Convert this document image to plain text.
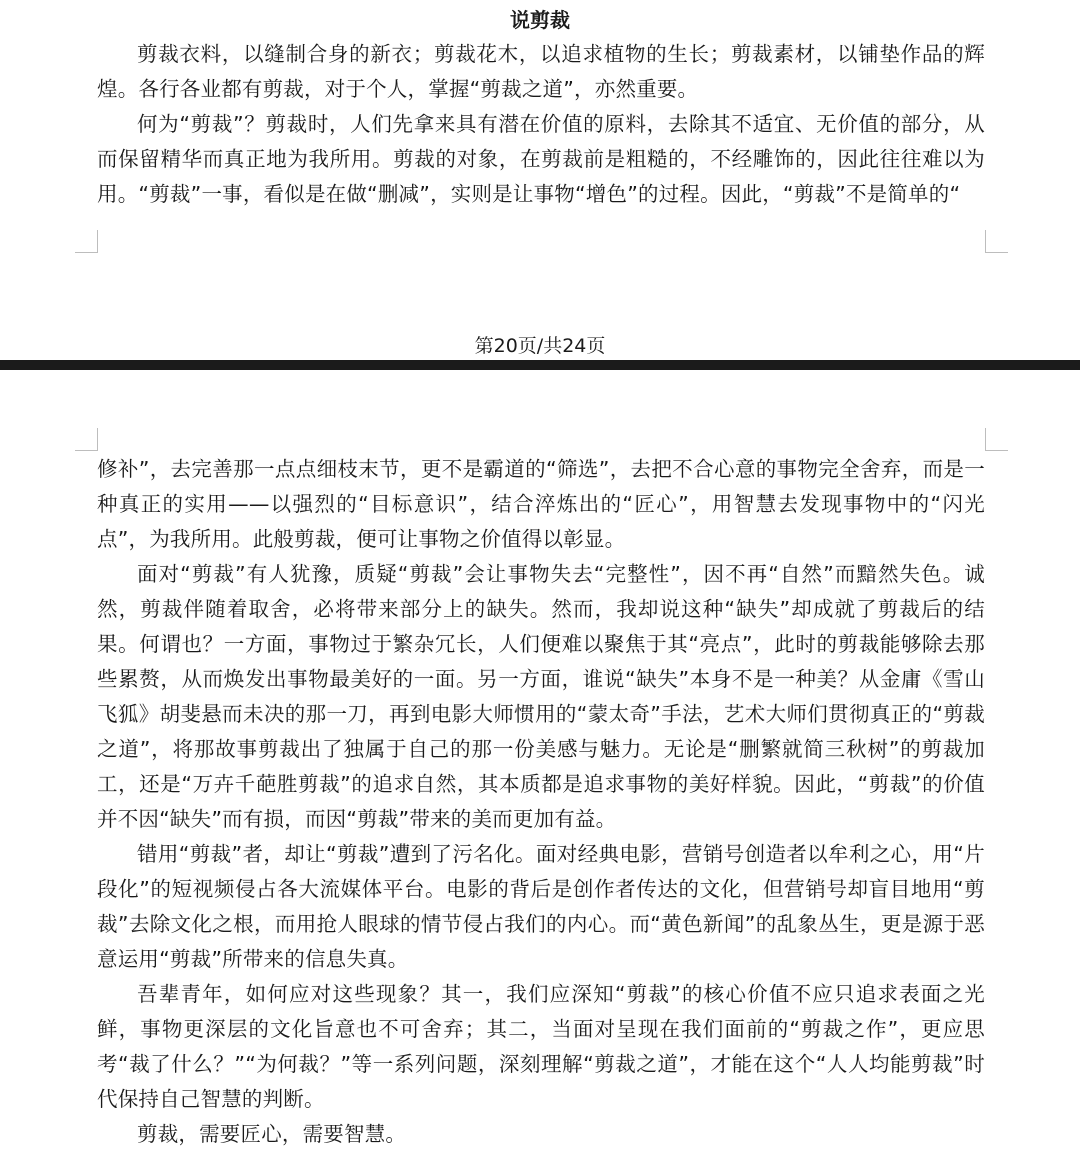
说剪裁

剪裁衣料，以缝制合身的新衣；剪裁花木，以追求植物的生长；剪裁素材，以铺垫作品的辉煌。各行各业都有剪裁，对于个人，掌握“剪裁之道”，亦然重要。

何为“剪裁”？剪裁时，人们先拿来具有潜在价值的原料，去除其不适宜、无价值的部分，从而保留精华而真正地为我所用。剪裁的对象，在剪裁前是粗糙的，不经雕饰的，因此往往难以为用。“剪裁”一事，看似是在做“删减”，实则是让事物“增色”的过程。因此，“剪裁”不是简单的“

第20页/共24页

修补”，去完善那一点点细枝末节，更不是霸道的“筛选”，去把不合心意的事物完全舍弃，而是一种真正的实用——以强烈的“目标意识”，结合淬炼出的“匠心”，用智慧去发现事物中的“闪光点”，为我所用。此般剪裁，便可让事物之价值得以彰显。

面对“剪裁”有人犹豫，质疑“剪裁”会让事物失去“完整性”，因不再“自然”而黯然失色。诚然，剪裁伴随着取舍，必将带来部分上的缺失。然而，我却说这种“缺失”却成就了剪裁后的结果。何谓也？一方面，事物过于繁杂冗长，人们便难以聚焦于其“亮点”，此时的剪裁能够除去那些累赘，从而焕发出事物最美好的一面。另一方面，谁说“缺失”本身不是一种美？从金庸《雪山飞狐》胡斐悬而未决的那一刀，再到电影大师惯用的“蒙太奇”手法，艺术大师们贯彻真正的“剪裁之道”，将那故事剪裁出了独属于自己的那一份美感与魅力。无论是“删繁就简三秋树”的剪裁加工，还是“万卉千葩胜剪裁”的追求自然，其本质都是追求事物的美好样貌。因此，“剪裁”的价值并不因“缺失”而有损，而因“剪裁”带来的美而更加有益。

错用“剪裁”者，却让“剪裁”遭到了污名化。面对经典电影，营销号创造者以牟利之心，用“片段化”的短视频侵占各大流媒体平台。电影的背后是创作者传达的文化，但营销号却盲目地用“剪裁”去除文化之根，而用抢人眼球的情节侵占我们的内心。而“黄色新闻”的乱象丛生，更是源于恶意运用“剪裁”所带来的信息失真。

吾辈青年，如何应对这些现象？其一，我们应深知“剪裁”的核心价值不应只追求表面之光鲜，事物更深层的文化旨意也不可舍弃；其二，当面对呈现在我们面前的“剪裁之作”，更应思考“裁了什么？”“为何裁？”等一系列问题，深刻理解“剪裁之道”，才能在这个“人人均能剪裁”时代保持自己智慧的判断。

剪裁，需要匠心，需要智慧。
